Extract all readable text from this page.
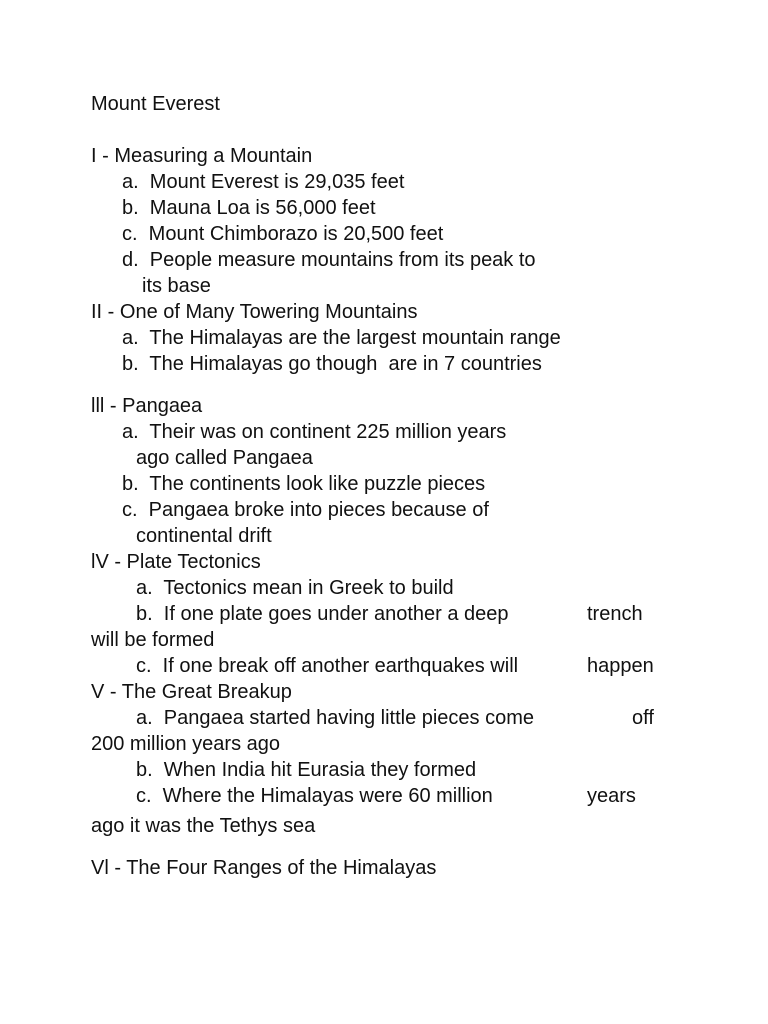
Mount Everest
I - Measuring a Mountain
a.  Mount Everest is 29,035 feet
b.  Mauna Loa is 56,000 feet
c.  Mount Chimborazo is 20,500 feet
d.  People measure mountains from its peak to
its base
II - One of Many Towering Mountains
a.  The Himalayas are the largest mountain range
b.  The Himalayas go though  are in 7 countries
lll - Pangaea
a.  Their was on continent 225 million years
ago called Pangaea
b.  The continents look like puzzle pieces
c.  Pangaea broke into pieces because of
continental drift
lV - Plate Tectonics
a.  Tectonics mean in Greek to build
b.  If one plate goes under another a deep	trench
will be formed
c.  If one break off another earthquakes will	happen
V - The Great Breakup
a.  Pangaea started having little pieces come	off
200 million years ago
b.  When India hit Eurasia they formed
c.  Where the Himalayas were 60 million	years
ago it was the Tethys sea
Vl - The Four Ranges of the Himalayas
